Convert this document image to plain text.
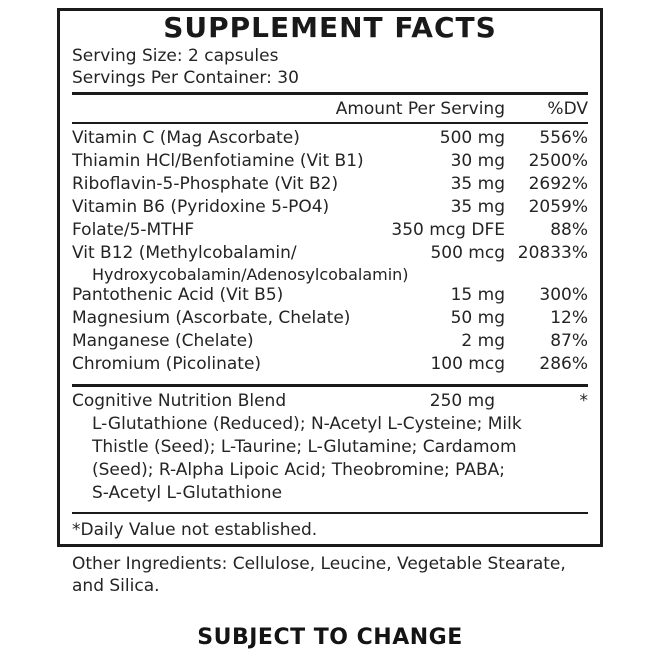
SUPPLEMENT FACTS
Serving Size: 2 capsules
Servings Per Container: 30
Amount Per Serving	%DV
Vitamin C (Mag Ascorbate)	500 mg	556%
Thiamin HCl/Benfotiamine (Vit B1)	30 mg	2500%
Riboflavin-5-Phosphate (Vit B2)	35 mg	2692%
Vitamin B6 (Pyridoxine 5-PO4)	35 mg	2059%
Folate/5-MTHF	350 mcg DFE	88%
Vit B12 (Methylcobalamin/	500 mcg 20833%
Hydroxycobalamin/Adenosylcobalamin)
Pantothenic Acid (Vit B5)	15 mg	300%
Magnesium (Ascorbate, Chelate)	50 mg	12%
Manganese (Chelate)	2 mg	87%
Chromium (Picolinate)	100 mcg	286%
Cognitive Nutrition Blend	250 mg	*
L-Glutathione (Reduced); N-Acetyl L-Cysteine; Milk
Thistle (Seed); L-Taurine; L-Glutamine; Cardamom
(Seed); R-Alpha Lipoic Acid; Theobromine; PABA;
S-Acetyl L-Glutathione
*Daily Value not established.
Other Ingredients: Cellulose, Leucine, Vegetable Stearate,
and Silica.
SUBJECT TO CHANGE
